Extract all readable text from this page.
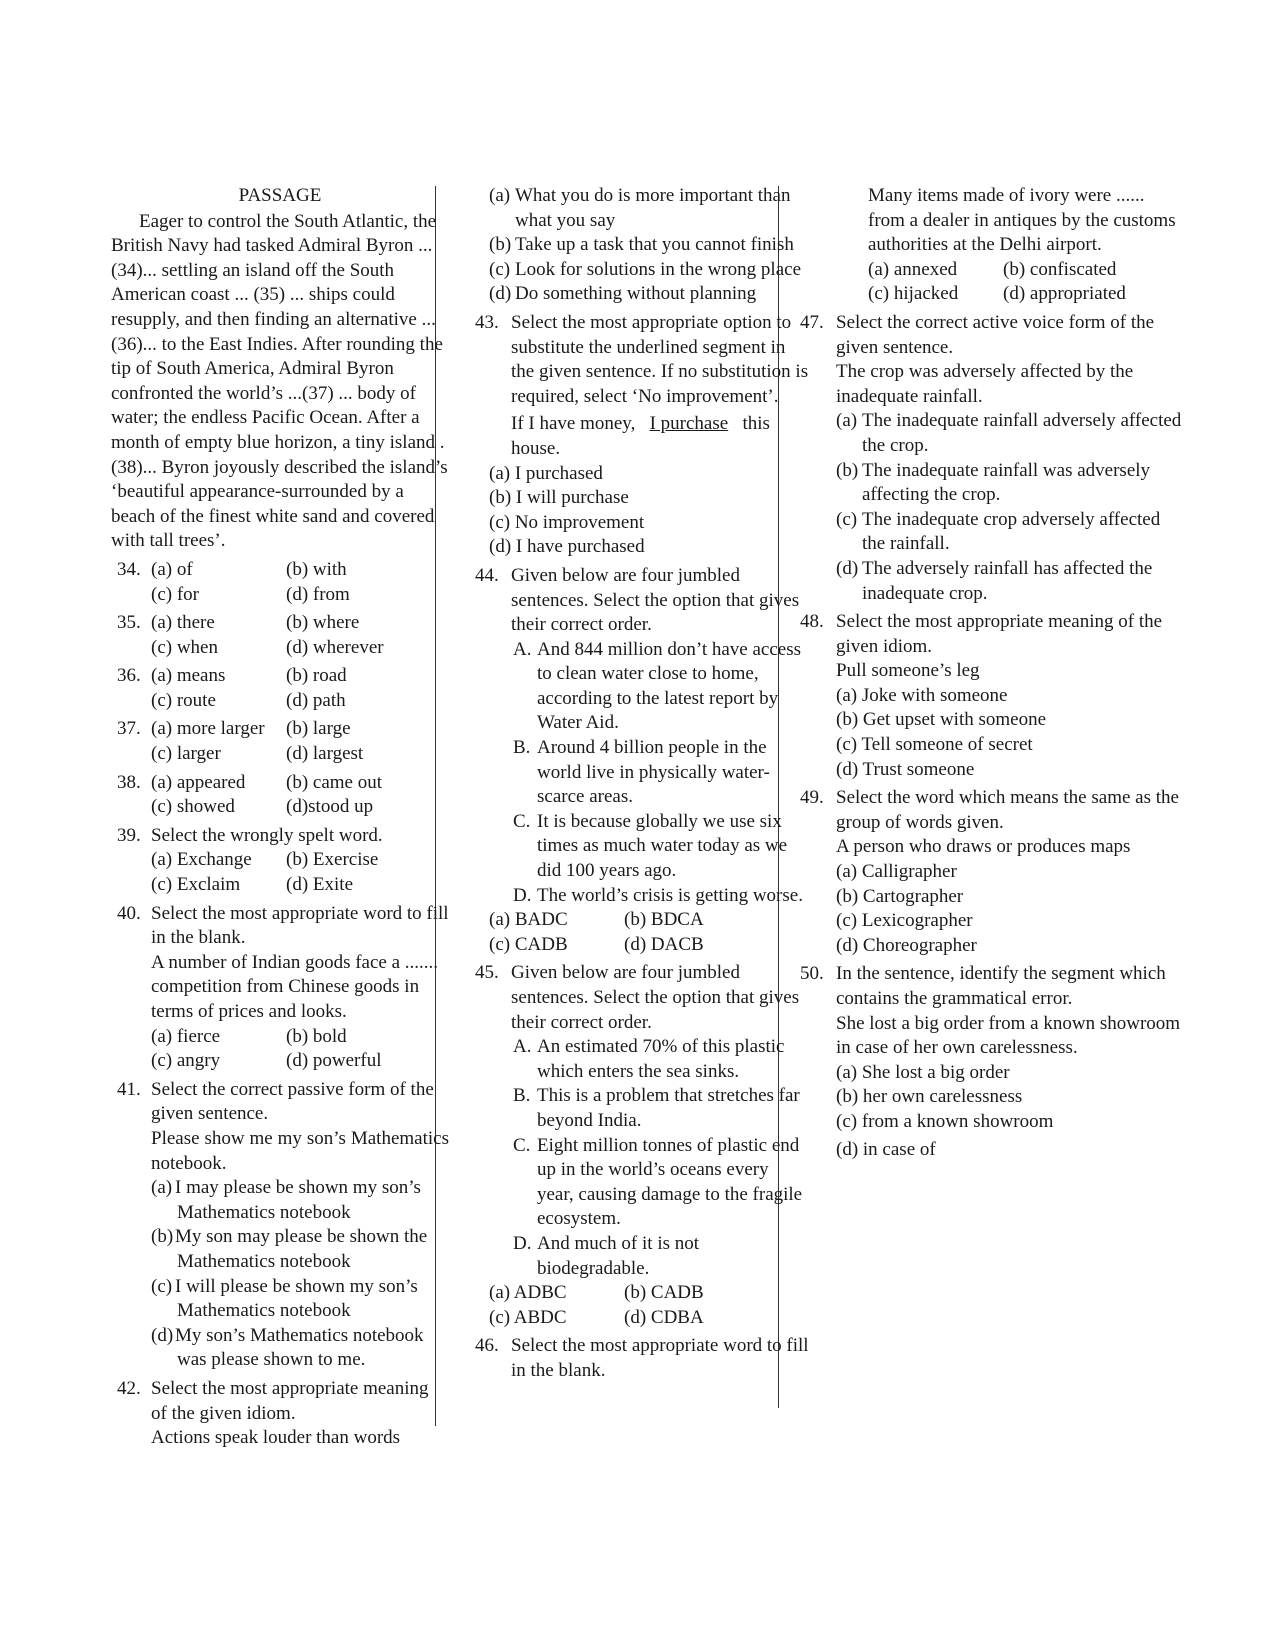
PASSAGE
Eager to control the South Atlantic, the British Navy had tasked Admiral Byron ...(34)... settling an island off the South American coast ... (35) ... ships could resupply, and then finding an alternative ... (36)... to the East Indies. After rounding the tip of South America, Admiral Byron confronted the world’s ...(37) ... body of water; the endless Pacific Ocean. After a month of empty blue horizon, a tiny island .(38)... Byron joyously described the island’s ‘beautiful appearance-surrounded by a beach of the finest white sand and covered with tall trees’.
34. (a) of	(b) with
(c) for	(d) from
35. (a) there	(b) where
(c) when	(d) wherever
36. (a) means	(b) road
(c) route	(d) path
37. (a) more larger	(b) large
(c) larger	(d) largest
38. (a) appeared	(b) came out
(c) showed	(d)stood up
39. Select the wrongly spelt word.
(a) Exchange	(b) Exercise
(c) Exclaim	(d) Exite
40. Select the most appropriate word to fill in the blank.
A number of Indian goods face a ....... competition from Chinese goods in terms of prices and looks.
(a) fierce	(b) bold
(c) angry	(d) powerful
41. Select the correct passive form of the given sentence.
Please show me my son’s Mathematics notebook.
(a) I may please be shown my son’s Mathematics notebook
(b)My son may please be shown the Mathematics notebook
(c) I will please be shown my son’s Mathematics notebook
(d)My son’s Mathematics notebook was please shown to me.
42. Select the most appropriate meaning of the given idiom.
Actions speak louder than words
(a) What you do is more important than what you say
(b) Take up a task that you cannot finish
(c) Look for solutions in the wrong place
(d) Do something without planning
43. Select the most appropriate option to substitute the underlined segment in the given sentence. If no substitution is required, select ‘No improvement’.
If I have money, I purchase this house.
(a) I purchased
(b) I will purchase
(c) No improvement
(d) I have purchased
44. Given below are four jumbled sentences. Select the option that gives their correct order.
A. And 844 million don’t have access to clean water close to home, according to the latest report by Water Aid.
B. Around 4 billion people in the world live in physically water-scarce areas.
C. It is because globally we use six times as much water today as we did 100 years ago.
D. The world’s crisis is getting worse.
(a) BADC	(b) BDCA
(c) CADB	(d) DACB
45. Given below are four jumbled sentences. Select the option that gives their correct order.
A. An estimated 70% of this plastic which enters the sea sinks.
B. This is a problem that stretches far beyond India.
C. Eight million tonnes of plastic end up in the world’s oceans every year, causing damage to the fragile ecosystem.
D. And much of it is not biodegradable.
(a) ADBC	(b) CADB
(c) ABDC	(d) CDBA
46. Select the most appropriate word to fill in the blank.
Many items made of ivory were ...... from a dealer in antiques by the customs authorities at the Delhi airport.
(a) annexed	(b) confiscated
(c) hijacked	(d) appropriated
47. Select the correct active voice form of the given sentence.
The crop was adversely affected by the inadequate rainfall.
(a) The inadequate rainfall adversely affected the crop.
(b) The inadequate rainfall was adversely affecting the crop.
(c) The inadequate crop adversely affected the rainfall.
(d) The adversely rainfall has affected the inadequate crop.
48. Select the most appropriate meaning of the given idiom.
Pull someone’s leg
(a) Joke with someone
(b) Get upset with someone
(c) Tell someone of secret
(d) Trust someone
49. Select the word which means the same as the group of words given.
A person who draws or produces maps
(a) Calligrapher
(b) Cartographer
(c) Lexicographer
(d) Choreographer
50. In the sentence, identify the segment which contains the grammatical error.
She lost a big order from a known showroom in case of her own carelessness.
(a) She lost a big order
(b) her own carelessness
(c) from a known showroom
(d) in case of
